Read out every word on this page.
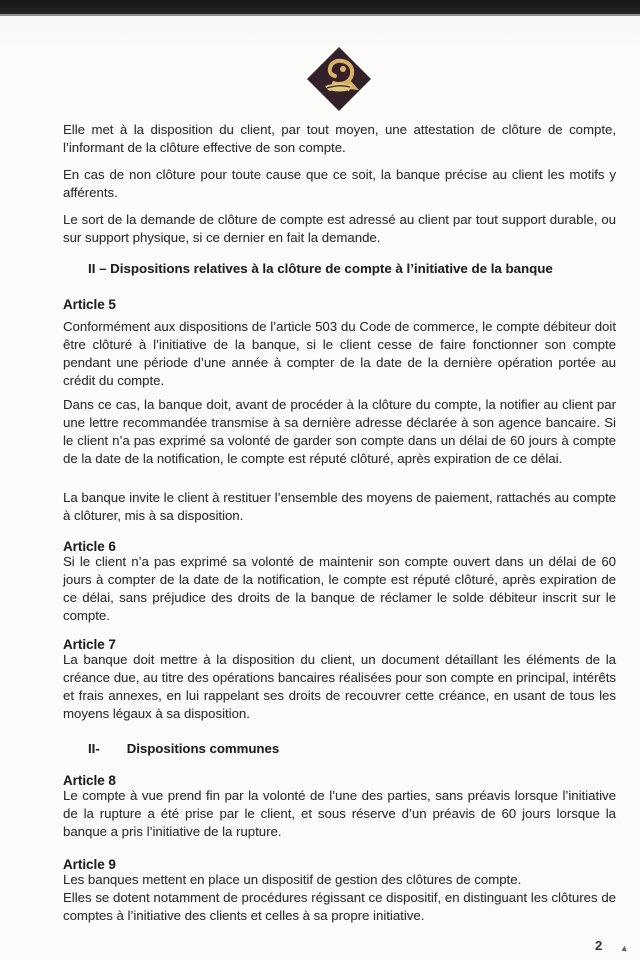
Elle met à la disposition du client, par tout moyen, une attestation de clôture de compte, l’informant de la clôture effective de son compte.
En cas de non clôture pour toute cause que ce soit, la banque précise au client les motifs y afférents.
Le sort de la demande de clôture de compte est adressé au client par tout support durable, ou sur support physique, si ce dernier en fait la demande.
II – Dispositions relatives à la clôture de compte à l’initiative de la banque
Article 5
Conformément aux dispositions de l’article 503 du Code de commerce, le compte débiteur doit être clôturé à l’initiative de la banque, si le client cesse de faire fonctionner son compte pendant une période d’une année à compter de la date de la dernière opération portée au crédit du compte.
Dans ce cas, la banque doit, avant de procéder à la clôture du compte, la notifier au client par une lettre recommandée transmise à sa dernière adresse déclarée à son agence bancaire. Si le client n’a pas exprimé sa volonté de garder son compte dans un délai de 60 jours à compte de la date de la notification, le compte est réputé clôturé, après expiration de ce délai.
La banque invite le client à restituer l’ensemble des moyens de paiement, rattachés au compte à clôturer, mis à sa disposition.
Article 6
Si le client n’a pas exprimé sa volonté de maintenir son compte ouvert dans un délai de 60 jours à compter de la date de la notification, le compte est réputé clôturé, après expiration de ce délai, sans préjudice des droits de la banque de réclamer le solde débiteur inscrit sur le compte.
Article 7
La banque doit mettre à la disposition du client, un document détaillant les éléments de la créance due, au titre des opérations bancaires réalisées pour son compte en principal, intérêts et frais annexes, en lui rappelant ses droits de recouvrer cette créance, en usant de tous les moyens légaux à sa disposition.
II- Dispositions communes
Article 8
Le compte à vue prend fin par la volonté de l’une des parties, sans préavis lorsque l’initiative de la rupture a été prise par le client, et sous réserve d’un préavis de 60 jours lorsque la banque a pris l’initiative de la rupture.
Article 9

Les banques mettent en place un dispositif de gestion des clôtures de compte.

Elles se dotent notamment de procédures régissant ce dispositif, en distinguant les clôtures de comptes à l’initiative des clients et celles à sa propre initiative.

2 ▲
